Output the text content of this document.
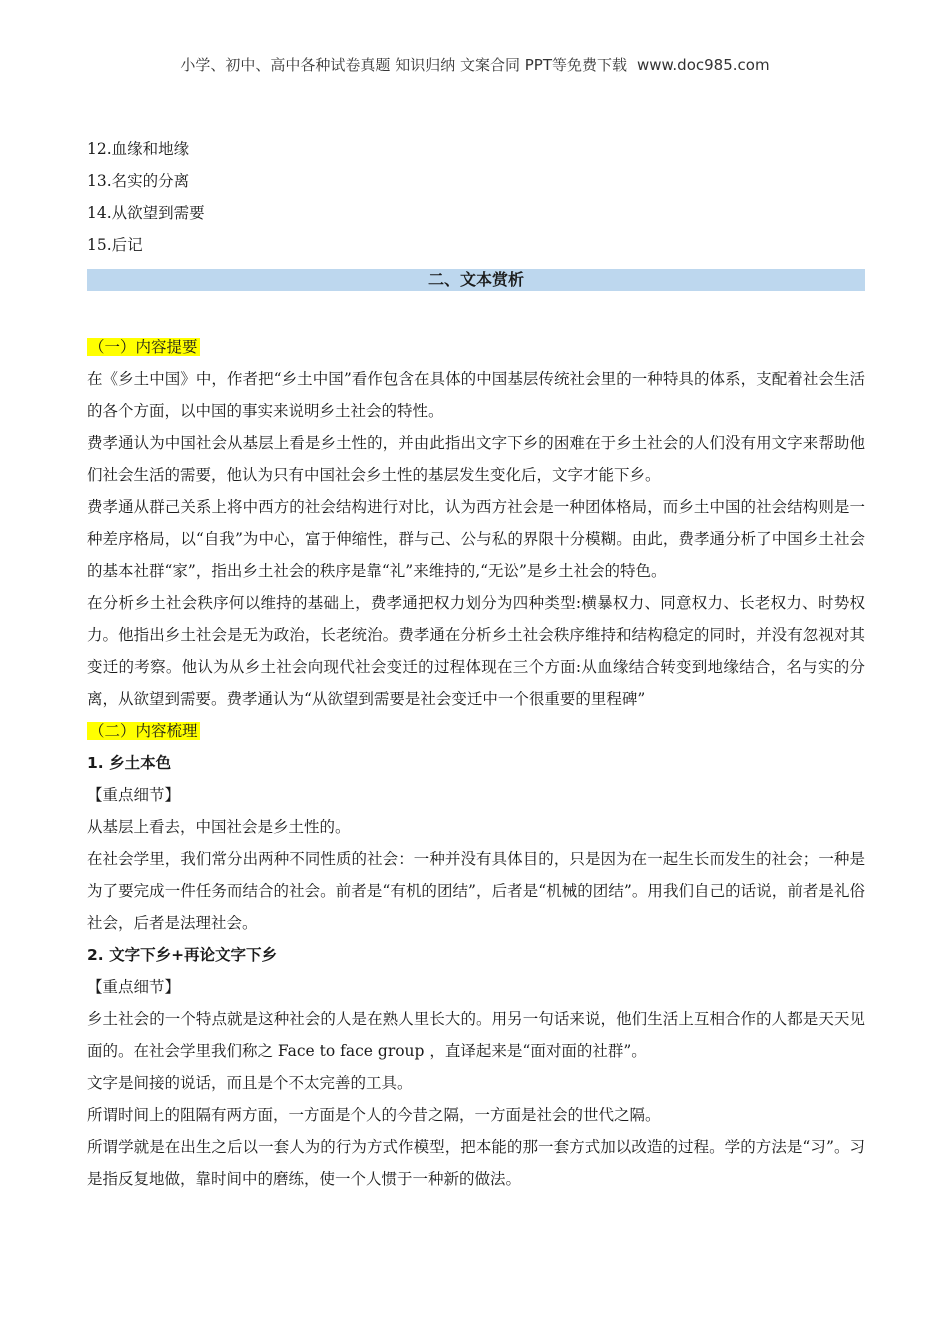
小学、初中、高中各种试卷真题 知识归纳 文案合同 PPT等免费下载 www.doc985.com
12.血缘和地缘
13.名实的分离
14.从欲望到需要
15.后记
二、文本赏析
（一）内容提要
在《乡土中国》中，作者把“乡土中国”看作包含在具体的中国基层传统社会里的一种特具的体系，支配着社会生活的各个方面，以中国的事实来说明乡土社会的特性。
费孝通认为中国社会从基层上看是乡土性的，并由此指出文字下乡的困难在于乡土社会的人们没有用文字来帮助他们社会生活的需要，他认为只有中国社会乡土性的基层发生变化后，文字才能下乡。
费孝通从群己关系上将中西方的社会结构进行对比，认为西方社会是一种团体格局，而乡土中国的社会结构则是一种差序格局，以“自我”为中心，富于伸缩性，群与己、公与私的界限十分模糊。由此，费孝通分析了中国乡土社会的基本社群“家”，指出乡土社会的秩序是靠“礼”来维持的,“无讼”是乡土社会的特色。
在分析乡土社会秩序何以维持的基础上，费孝通把权力划分为四种类型:横暴权力、同意权力、长老权力、时势权力。他指出乡土社会是无为政治，长老统治。费孝通在分析乡土社会秩序维持和结构稳定的同时，并没有忽视对其变迁的考察。他认为从乡土社会向现代社会变迁的过程体现在三个方面:从血缘结合转变到地缘结合，名与实的分离，从欲望到需要。费孝通认为“从欲望到需要是社会变迁中一个很重要的里程碑”
（二）内容梳理
1. 乡土本色
【重点细节】
从基层上看去，中国社会是乡土性的。
在社会学里，我们常分出两种不同性质的社会：一种并没有具体目的，只是因为在一起生长而发生的社会；一种是为了要完成一件任务而结合的社会。前者是“有机的团结”，后者是“机械的团结”。用我们自己的话说，前者是礼俗社会，后者是法理社会。
2. 文字下乡+再论文字下乡
【重点细节】
乡土社会的一个特点就是这种社会的人是在熟人里长大的。用另一句话来说，他们生活上互相合作的人都是天天见面的。在社会学里我们称之 Face to face group ，直译起来是“面对面的社群”。
文字是间接的说话，而且是个不太完善的工具。
所谓时间上的阻隔有两方面，一方面是个人的今昔之隔，一方面是社会的世代之隔。
所谓学就是在出生之后以一套人为的行为方式作模型，把本能的那一套方式加以改造的过程。学的方法是“习”。习是指反复地做，靠时间中的磨练，使一个人惯于一种新的做法。
